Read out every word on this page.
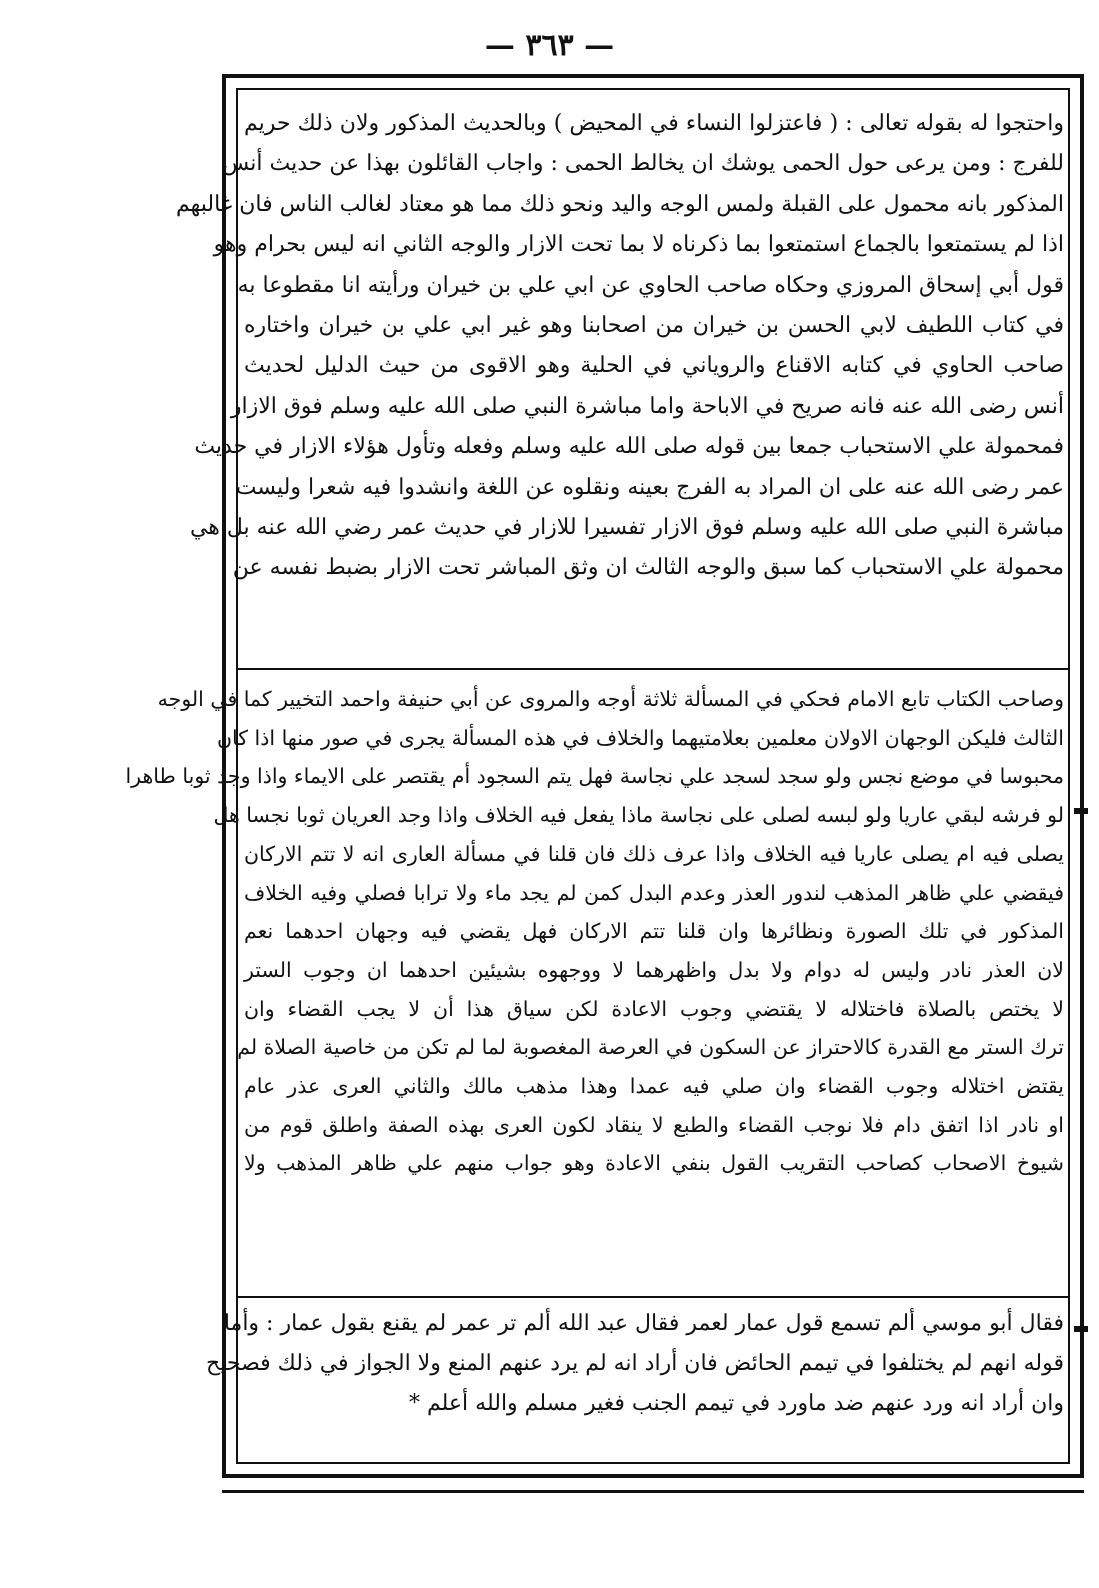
— ٣٦٣ —
واحتجوا له بقوله تعالى : ( فاعتزلوا النساء في المحيض ) وبالحديث المذكور ولان ذلك حريم
للفرج : ومن يرعى حول الحمى يوشك ان يخالط الحمى : واجاب القائلون بهذا عن حديث أنس
المذكور بانه محمول على القبلة ولمس الوجه واليد ونحو ذلك مما هو معتاد لغالب الناس فان غالبهم
اذا لم يستمتعوا بالجماع استمتعوا بما ذكرناه لا بما تحت الازار والوجه الثاني انه ليس بحرام وهو
قول أبي إسحاق المروزي وحكاه صاحب الحاوي عن ابي علي بن خيران ورأيته انا مقطوعا به
في كتاب اللطيف لابي الحسن بن خيران من اصحابنا وهو غير ابي علي بن خيران واختاره
صاحب الحاوي في كتابه الاقناع والروياني في الحلية وهو الاقوى من حيث الدليل لحديث
أنس رضى الله عنه فانه صريح في الاباحة واما مباشرة النبي صلى الله عليه وسلم فوق الازار
فمحمولة علي الاستحباب جمعا بين قوله صلى الله عليه وسلم وفعله وتأول هؤلاء الازار في حديث
عمر رضى الله عنه على ان المراد به الفرج بعينه ونقلوه عن اللغة وانشدوا فيه شعرا وليست
مباشرة النبي صلى الله عليه وسلم فوق الازار تفسيرا للازار في حديث عمر رضي الله عنه بل هي
محمولة علي الاستحباب كما سبق والوجه الثالث ان وثق المباشر تحت الازار بضبط نفسه عن
وصاحب الكتاب تابع الامام فحكي في المسألة ثلاثة أوجه والمروى عن أبي حنيفة واحمد التخيير كما في الوجه
الثالث فليكن الوجهان الاولان معلمين بعلامتيهما والخلاف في هذه المسألة يجرى في صور منها اذا كان
محبوسا في موضع نجس ولو سجد لسجد علي نجاسة فهل يتم السجود أم يقتصر على الايماء واذا وجد ثوبا طاهرا
لو فرشه لبقي عاريا ولو لبسه لصلى على نجاسة ماذا يفعل فيه الخلاف واذا وجد العريان ثوبا نجسا هل
يصلى فيه ام يصلى عاريا فيه الخلاف واذا عرف ذلك فان قلنا في مسألة العارى انه لا تتم الاركان
فيقضي علي ظاهر المذهب لندور العذر وعدم البدل كمن لم يجد ماء ولا ترابا فصلي وفيه الخلاف
المذكور في تلك الصورة ونظائرها وان قلنا تتم الاركان فهل يقضي فيه وجهان احدهما نعم
لان العذر نادر وليس له دوام ولا بدل واظهرهما لا ووجهوه بشيئين احدهما ان وجوب الستر
لا يختص بالصلاة فاختلاله لا يقتضي وجوب الاعادة لكن سياق هذا أن لا يجب القضاء وان
ترك الستر مع القدرة كالاحتراز عن السكون في العرصة المغصوبة لما لم تكن من خاصية الصلاة لم
يقتض اختلاله وجوب القضاء وان صلي فيه عمدا وهذا مذهب مالك والثاني العرى عذر عام
او نادر اذا اتفق دام فلا نوجب القضاء والطبع لا ينقاد لكون العرى بهذه الصفة واطلق قوم من
شيوخ الاصحاب كصاحب التقريب القول بنفي الاعادة وهو جواب منهم علي ظاهر المذهب ولا
فقال أبو موسي ألم تسمع قول عمار لعمر فقال عبد الله ألم تر عمر لم يقنع بقول عمار : وأما
قوله انهم لم يختلفوا في تيمم الحائض فان أراد انه لم يرد عنهم المنع ولا الجواز في ذلك فصحيح
وان أراد انه ورد عنهم ضد ماورد في تيمم الجنب فغير مسلم والله أعلم *
